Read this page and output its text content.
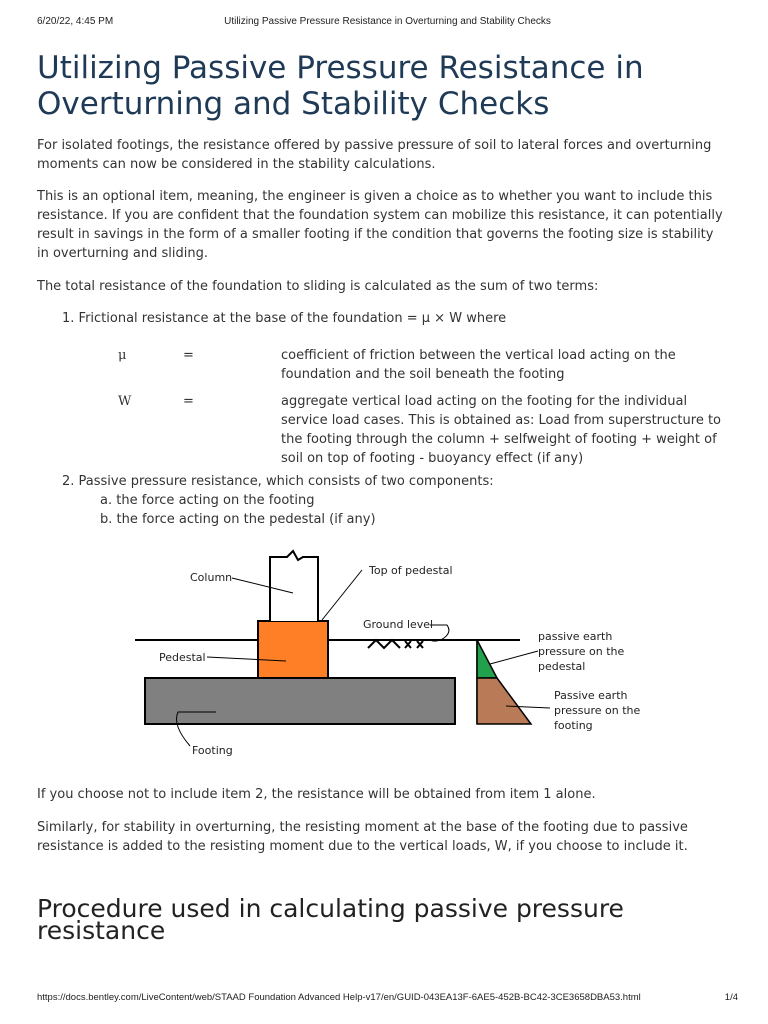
6/20/22, 4:45 PM	Utilizing Passive Pressure Resistance in Overturning and Stability Checks
Utilizing Passive Pressure Resistance in Overturning and Stability Checks

For isolated footings, the resistance offered by passive pressure of soil to lateral forces and overturning moments can now be considered in the stability calculations.

This is an optional item, meaning, the engineer is given a choice as to whether you want to include this resistance. If you are confident that the foundation system can mobilize this resistance, it can potentially result in savings in the form of a smaller footing if the condition that governs the footing size is stability in overturning and sliding.

The total resistance of the foundation to sliding is calculated as the sum of two terms:

1. Frictional resistance at the base of the foundation = μ × W where
μ	=	coefficient of friction between the vertical load acting on the foundation and the soil beneath the footing
W	=	aggregate vertical load acting on the footing for the individual service load cases. This is obtained as: Load from superstructure to the footing through the column + selfweight of footing + weight of soil on top of footing - buoyancy effect (if any)
2. Passive pressure resistance, which consists of two components:
a. the force acting on the footing
b. the force acting on the pedestal (if any)
Column
Top of pedestal
Ground level
Pedestal
Footing
passive earth pressure on the pedestal
Passive earth pressure on the footing

If you choose not to include item 2, the resistance will be obtained from item 1 alone.

Similarly, for stability in overturning, the resisting moment at the base of the footing due to passive resistance is added to the resisting moment due to the vertical loads, W, if you choose to include it.

Procedure used in calculating passive pressure resistance
https://docs.bentley.com/LiveContent/web/STAAD Foundation Advanced Help-v17/en/GUID-043EA13F-6AE5-452B-BC42-3CE3658DBA53.html	1/4
